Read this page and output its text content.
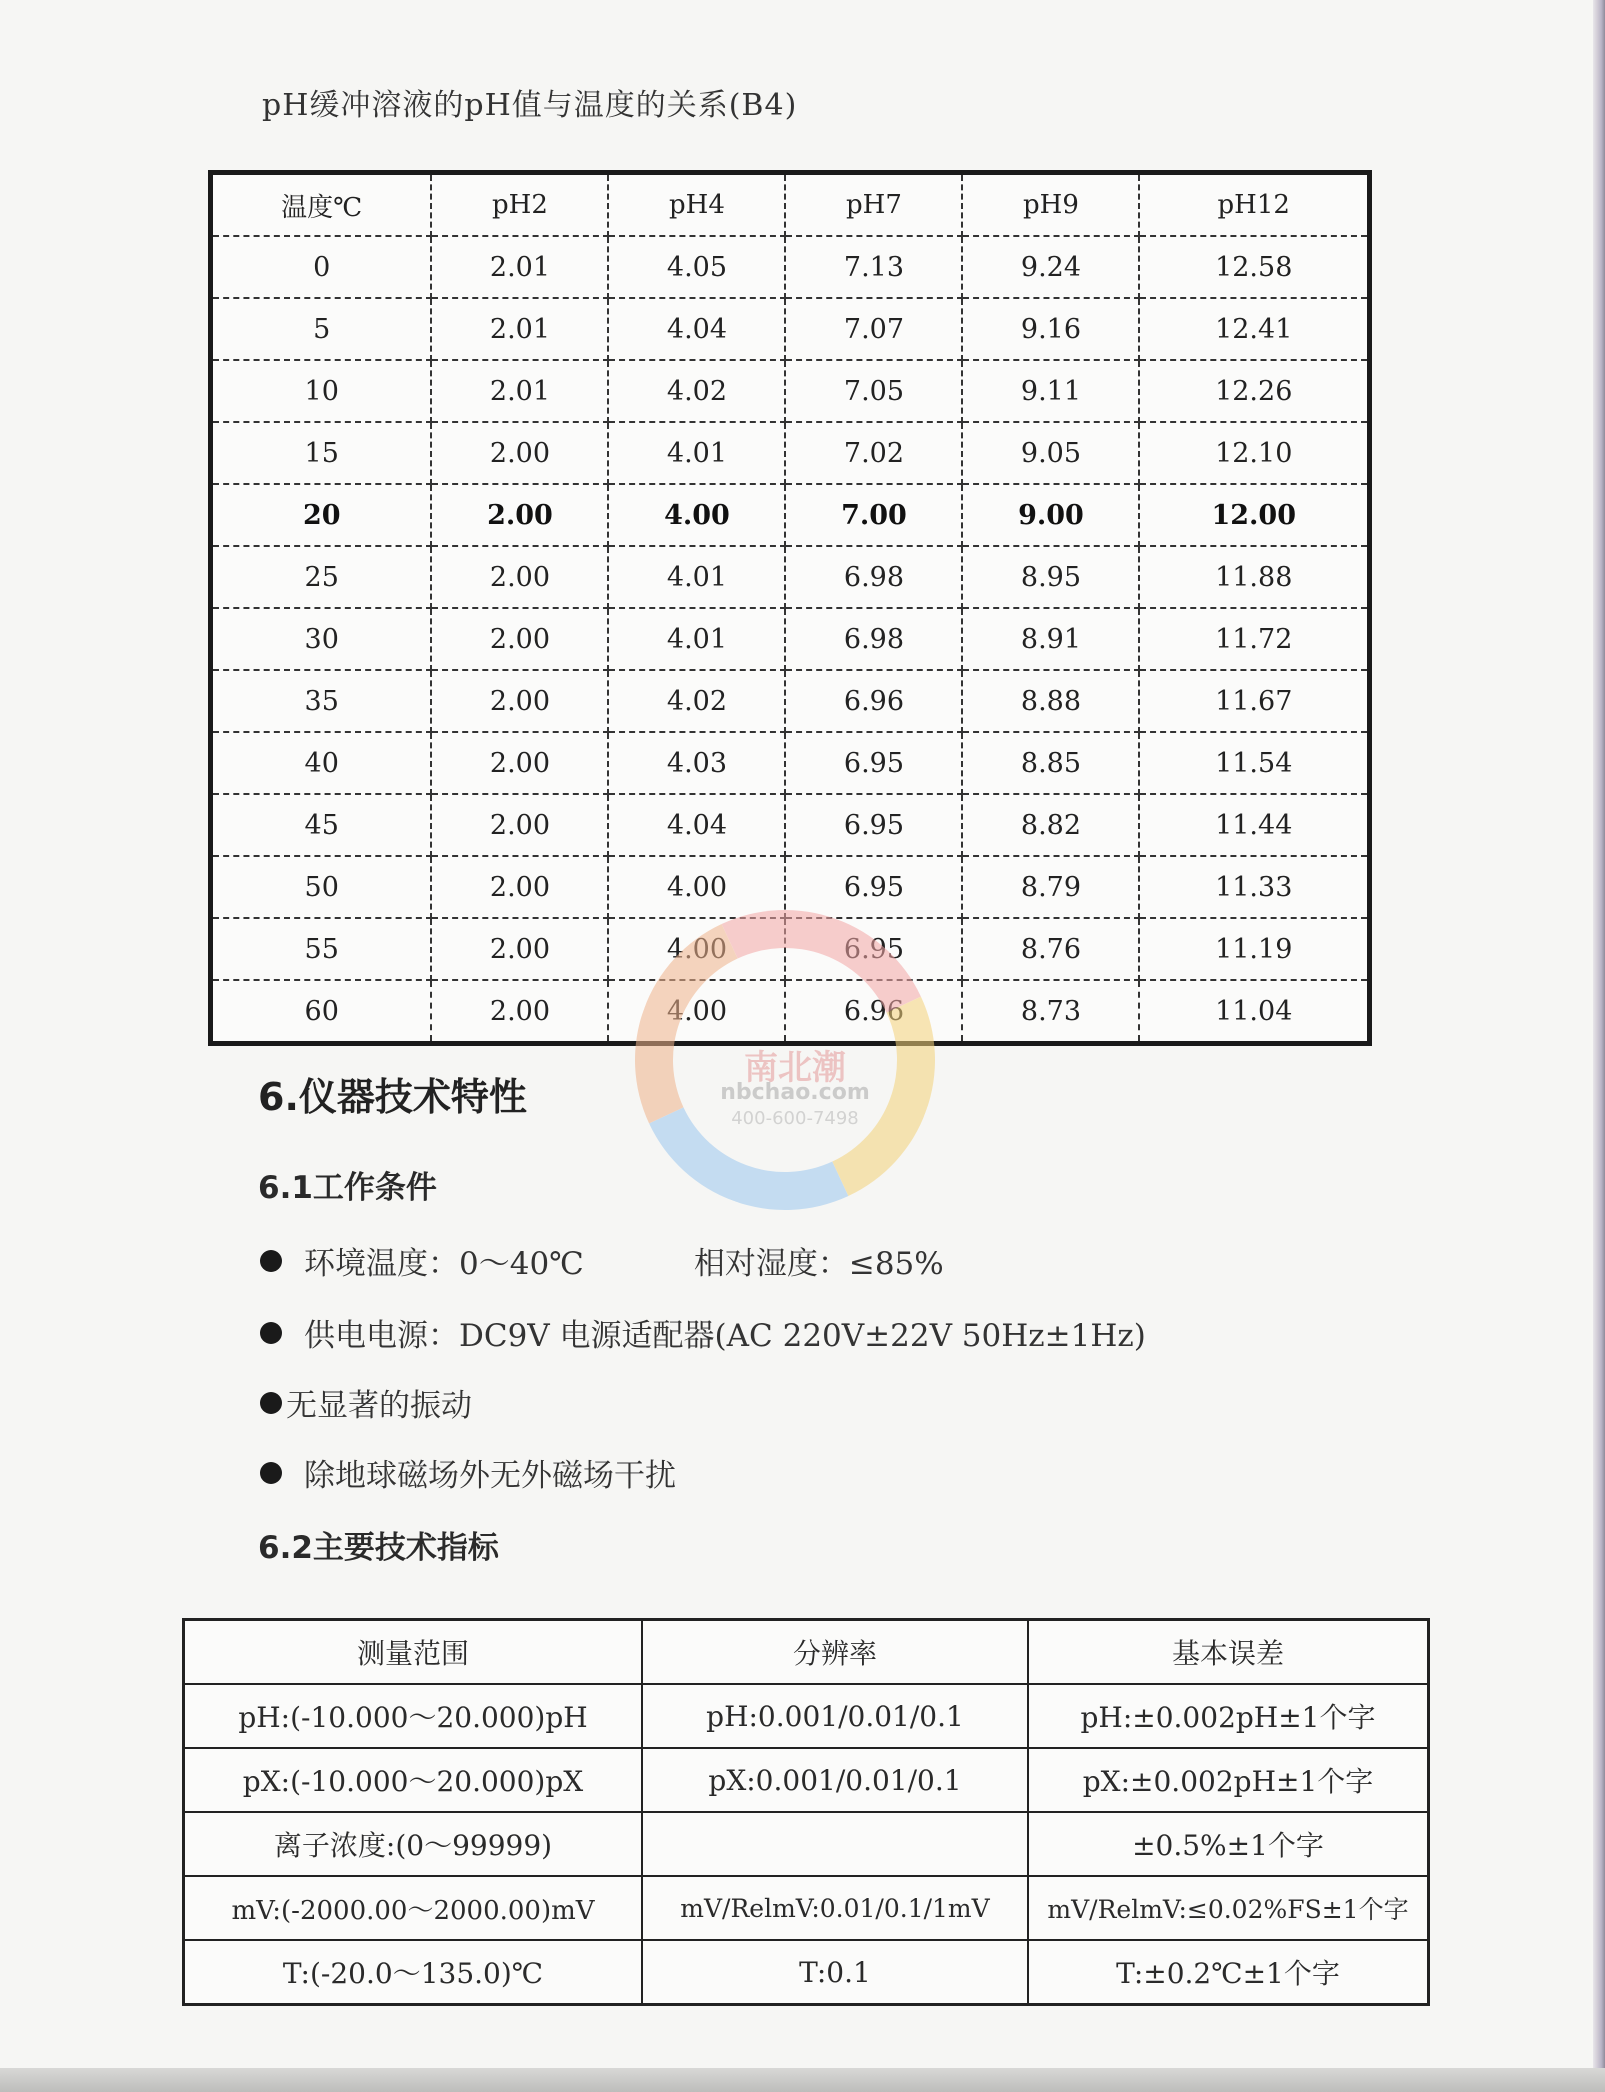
pH缓冲溶液的pH值与温度的关系(B4)
温度℃	pH2	pH4	pH7	pH9	pH12
0	2.01	4.05	7.13	9.24	12.58
5	2.01	4.04	7.07	9.16	12.41
10	2.01	4.02	7.05	9.11	12.26
15	2.00	4.01	7.02	9.05	12.10
20	2.00	4.00	7.00	9.00	12.00
25	2.00	4.01	6.98	8.95	11.88
30	2.00	4.01	6.98	8.91	11.72
35	2.00	4.02	6.96	8.88	11.67
40	2.00	4.03	6.95	8.85	11.54
45	2.00	4.04	6.95	8.82	11.44
50	2.00	4.00	6.95	8.79	11.33
55	2.00	4.00	6.95	8.76	11.19
60	2.00	4.00	6.96	8.73	11.04
南北潮
nbchao.com
400-600-7498
6.仪器技术特性
6.1工作条件
环境温度：0～40℃	相对湿度：≤85%
供电电源：DC9V 电源适配器(AC 220V±22V 50Hz±1Hz)
无显著的振动
除地球磁场外无外磁场干扰
6.2主要技术指标
测量范围	分辨率	基本误差
pH:(-10.000～20.000)pH	pH:0.001/0.01/0.1	pH:±0.002pH±1个字
pX:(-10.000～20.000)pX	pX:0.001/0.01/0.1	pX:±0.002pH±1个字
离子浓度:(0～99999)		±0.5%±1个字
mV:(-2000.00～2000.00)mV	mV/RelmV:0.01/0.1/1mV	mV/RelmV:≤0.02%FS±1个字
T:(-20.0～135.0)℃	T:0.1	T:±0.2℃±1个字
